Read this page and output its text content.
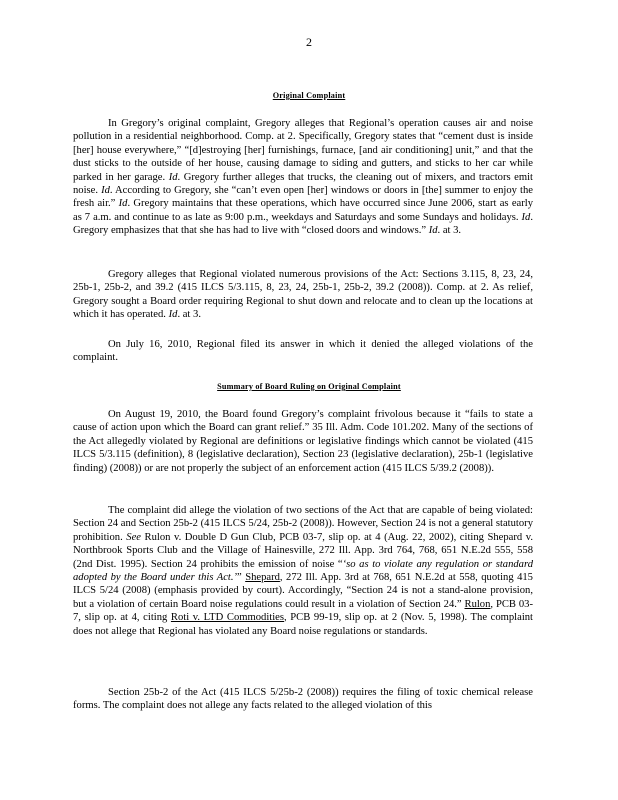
2
Original Complaint

In Gregory’s original complaint, Gregory alleges that Regional’s operation causes air and noise pollution in a residential neighborhood. Comp. at 2. Specifically, Gregory states that “cement dust is inside [her] house everywhere,” “[d]estroying [her] furnishings, furnace, [and air conditioning] unit,” and that the dust sticks to the outside of her house, causing damage to siding and gutters, and sticks to her car while parked in her garage. Id. Gregory further alleges that trucks, the cleaning out of mixers, and tractors emit noise. Id. According to Gregory, she “can’t even open [her] windows or doors in [the] summer to enjoy the fresh air.” Id. Gregory maintains that these operations, which have occurred since June 2006, start as early as 7 a.m. and continue to as late as 9:00 p.m., weekdays and Saturdays and some Sundays and holidays. Id. Gregory emphasizes that that she has had to live with “closed doors and windows.” Id. at 3.

Gregory alleges that Regional violated numerous provisions of the Act: Sections 3.115, 8, 23, 24, 25b-1, 25b-2, and 39.2 (415 ILCS 5/3.115, 8, 23, 24, 25b-1, 25b-2, 39.2 (2008)). Comp. at 2. As relief, Gregory sought a Board order requiring Regional to shut down and relocate and to clean up the locations at which it has operated. Id. at 3.

On July 16, 2010, Regional filed its answer in which it denied the alleged violations of the complaint.

Summary of Board Ruling on Original Complaint

On August 19, 2010, the Board found Gregory’s complaint frivolous because it “fails to state a cause of action upon which the Board can grant relief.” 35 Ill. Adm. Code 101.202. Many of the sections of the Act allegedly violated by Regional are definitions or legislative findings which cannot be violated (415 ILCS 5/3.115 (definition), 8 (legislative declaration), Section 23 (legislative declaration), 25b-1 (legislative finding) (2008)) or are not properly the subject of an enforcement action (415 ILCS 5/39.2 (2008)).

The complaint did allege the violation of two sections of the Act that are capable of being violated: Section 24 and Section 25b-2 (415 ILCS 5/24, 25b-2 (2008)). However, Section 24 is not a general statutory prohibition. See Rulon v. Double D Gun Club, PCB 03-7, slip op. at 4 (Aug. 22, 2002), citing Shepard v. Northbrook Sports Club and the Village of Hainesville, 272 Ill. App. 3rd 764, 768, 651 N.E.2d 555, 558 (2nd Dist. 1995). Section 24 prohibits the emission of noise “‘so as to violate any regulation or standard adopted by the Board under this Act.’” Shepard, 272 Ill. App. 3rd at 768, 651 N.E.2d at 558, quoting 415 ILCS 5/24 (2008) (emphasis provided by court). Accordingly, “Section 24 is not a stand-alone provision, but a violation of certain Board noise regulations could result in a violation of Section 24.” Rulon, PCB 03-7, slip op. at 4, citing Roti v. LTD Commodities, PCB 99-19, slip op. at 2 (Nov. 5, 1998). The complaint does not allege that Regional has violated any Board noise regulations or standards.

Section 25b-2 of the Act (415 ILCS 5/25b-2 (2008)) requires the filing of toxic chemical release forms. The complaint does not allege any facts related to the alleged violation of this
